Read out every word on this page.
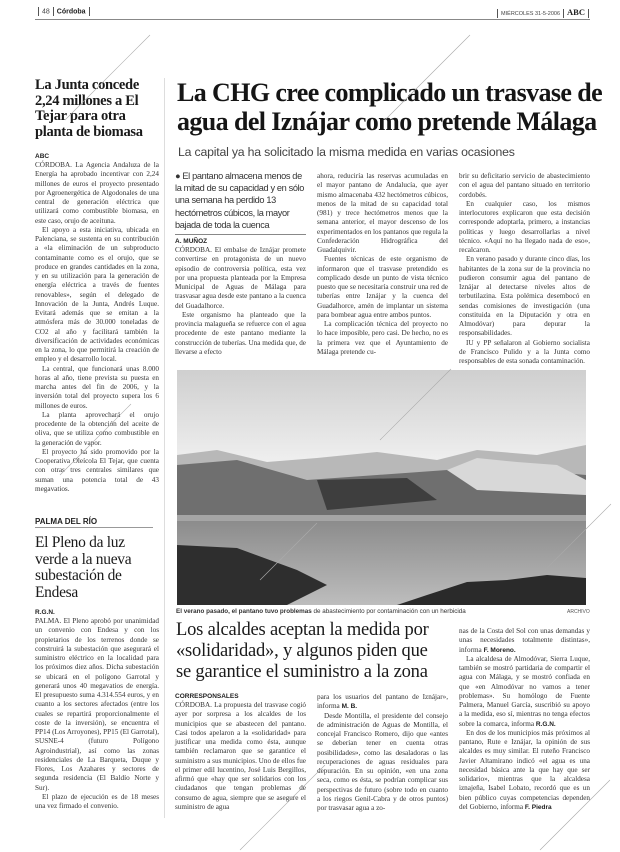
48 Córdoba	MIÉRCOLES 31-5-2006 ABC
La Junta concede 2,24 millones a El Tejar para otra planta de biomasa
ABC

CÓRDOBA. La Agencia Andaluza de la Energía ha aprobado incentivar con 2,24 millones de euros el proyecto presentado por Agroenergética de Algodonales de una central de generación eléctrica que utilizará como combustible biomasa, en este caso, orujo de aceituna.

El apoyo a esta iniciativa, ubicada en Palenciana, se sustenta en su contribución a «la eliminación de un subproducto contaminante como es el orujo, que se produce en grandes cantidades en la zona, y en su utilización para la generación de energía eléctrica a través de fuentes renovables», según el delegado de Innovación de la Junta, Andrés Luque. Evitará además que se emitan a la atmósfera más de 30.000 toneladas de CO2 al año y facilitará también la diversificación de actividades económicas en la zona, lo que permitirá la creación de empleo y el desarrollo local.

La central, que funcionará unas 8.000 horas al año, tiene prevista su puesta en marcha antes del fin de 2006, y la inversión total del proyecto supera los 6 millones de euros.

La planta aprovechará el orujo procedente de la obtención del aceite de oliva, que se utiliza como combustible en la generación de vapor.

El proyecto ha sido promovido por la Cooperativa Oleícola El Tejar, que cuenta con otras tres centrales similares que suman una potencia total de 43 megavatios.

PALMA DEL RÍO
El Pleno da luz verde a la nueva subestación de Endesa
R.G.N.

PALMA. El Pleno aprobó por unanimidad un convenio con Endesa y con los propietarios de los terrenos donde se construirá la subestación que asegurará el suministro eléctrico en la localidad para los próximos diez años. Dicha subestación se ubicará en el polígono Garrotal y generará unos 40 megavatios de energía. El presupuesto suma 4.314.554 euros, y en cuanto a los sectores afectados (entre los cuales se repartirá proporcionalmente el coste de la inversión), se encuentra el PP14 (Los Arroyones), PP15 (El Garrotal), SUSNE-4 (futuro Polígono Agroindustrial), así como las zonas residenciales de La Barqueta, Duque y Flores, Los Azahares y sectores de segunda residencia (El Baldío Norte y Sur).

El plazo de ejecución es de 18 meses una vez firmado el convenio.

La CHG cree complicado un trasvase de
agua del Iznájar como pretende Málaga
La capital ya ha solicitado la misma medida en varias ocasiones
● El pantano almacena menos de la mitad de su capacidad y en sólo una semana ha perdido 13 hectómetros cúbicos, la mayor bajada de toda la cuenca
A. MUÑOZ

CÓRDOBA. El embalse de Iznájar promete convertirse en protagonista de un nuevo episodio de controversia política, esta vez por una propuesta planteada por la Empresa Municipal de Aguas de Málaga para trasvasar agua desde este pantano a la cuenca del Guadalhorce.

Este organismo ha planteado que la provincia malagueña se refuerce con el agua procedente de este pantano mediante la construcción de tuberías. Una medida que, de llevarse a efecto

ahora, reduciría las reservas acumuladas en el mayor pantano de Andalucía, que ayer mismo almacenaba 432 hectómetros cúbicos, menos de la mitad de su capacidad total (981) y trece hectómetros menos que la semana anterior, el mayor descenso de los experimentados en los pantanos que regula la Confederación Hidrográfica del Guadalquivir.

Fuentes técnicas de este organismo de informaron que el trasvase pretendido es complicado desde un punto de vista técnico puesto que se necesitaría construir una red de tuberías entre Iznájar y la cuenca del Guadalhorce, amén de implantar un sistema para bombear agua entre ambos puntos.

La complicación técnica del proyecto no lo hace imposible, pero casi. De hecho, no es la primera vez que el Ayuntamiento de Málaga pretende cu-

brir su deficitario servicio de abastecimiento con el agua del pantano situado en territorio cordobés.

En cualquier caso, los mismos interlocutores explicaron que esta decisión corresponde adoptarla, primero, a instancias políticas y luego desarrollarlas a nivel técnico. «Aquí no ha llegado nada de eso», recalcaron.

En verano pasado y durante cinco días, los habitantes de la zona sur de la provincia no pudieron consumir agua del pantano de Iznájar al detectarse niveles altos de terbutilazina. Esta polémica desembocó en sendas comisiones de investigación (una constituida en la Diputación y otra en Almodóvar) para depurar la responsabilidades.

IU y PP señalaron al Gobierno socialista de Francisco Pulido y a la Junta como responsables de esta sonada contaminación.

El verano pasado, el pantano tuvo problemas de abastecimiento por contaminación con un herbicida	ARCHIVO
Los alcaldes aceptan la medida por
«solidaridad», y algunos piden que
se garantice el suministro a la zona
CORRESPONSALES

CÓRDOBA. La propuesta del trasvase cogió ayer por sorpresa a los alcaldes de los municipios que se abastecen del pantano. Casi todos apelaron a la «solidaridad» para justificar una medida como ésta, aunque también reclamaron que se garantice el suministro a sus municipios. Uno de ellos fue el primer edil lucentino, José Luis Bergillos, afirmó que «hay que ser solidarios con los ciudadanos que tengan problemas de consumo de agua, siempre que se asegure el suministro de agua

para los usuarios del pantano de Iznájar», informa M. B.

Desde Montilla, el presidente del consejo de administración de Aguas de Montilla, el concejal Francisco Romero, dijo que «antes se deberían tener en cuenta otras posibilidades», como las desaladoras o las recuperaciones de aguas residuales para depuración. En su opinión, «en una zona seca, como es ésta, se podrían complicar sus perspectivas de futuro (sobre todo en cuanto a los riegos Genil-Cabra y de otros puntos) por trasvasar agua a zo-

nas de la Costa del Sol con unas demandas y unas necesidades totalmente distintas», informa F. Moreno.

La alcaldesa de Almodóvar, Sierra Luque, también se mostró partidaria de compartir el agua con Málaga, y se mostró confiada en que «en Almodóvar no vamos a tener problemas». Su homólogo de Fuente Palmera, Manuel García, suscribió su apoyo a la medida, eso sí, mientras no tenga efectos sobre la comarca, informa R.G.N.

En dos de los municipios más próximos al pantano, Rute e Iznájar, la opinión de sus alcaldes es muy similar. El ruteño Francisco Javier Altamirano indicó «el agua es una necesidad básica ante la que hay que ser solidario», mientras que la alcaldesa iznajeña, Isabel Lobato, recordó que es un bien público cuyas competencias dependen del Gobierno, informa F. Piedra
